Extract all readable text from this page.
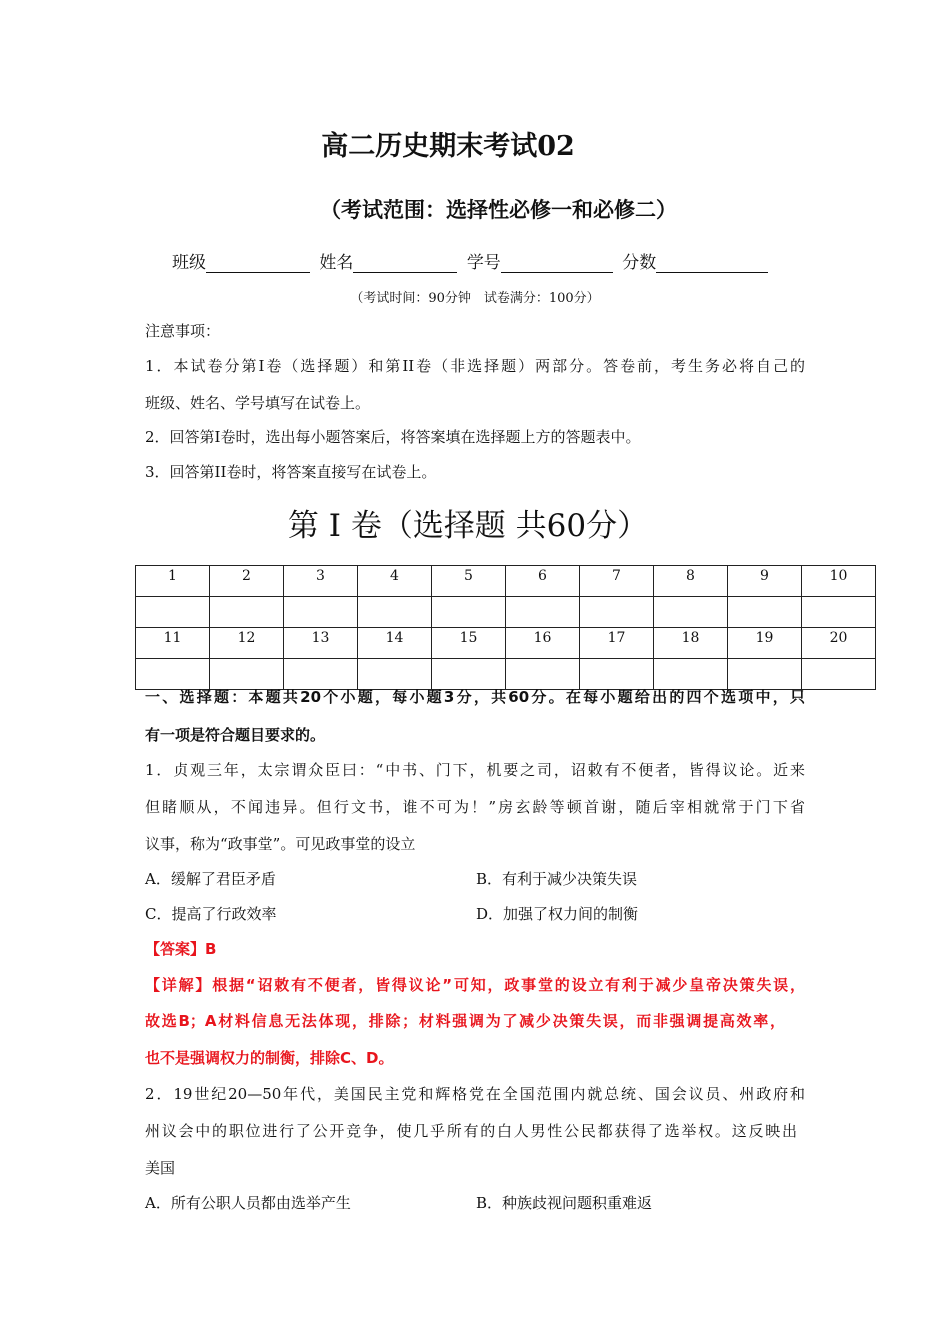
高二历史期末考试02
（考试范围：选择性必修一和必修二）
班级	姓名	学号	分数
（考试时间：90分钟　试卷满分：100分）
注意事项：
1．本试卷分第I卷（选择题）和第II卷（非选择题）两部分。答卷前，考生务必将自己的
班级、姓名、学号填写在试卷上。
2．回答第I卷时，选出每小题答案后，将答案填在选择题上方的答题表中。
3．回答第II卷时，将答案直接写在试卷上。
第 I 卷（选择题 共60分）
1	2	3	4	5	6	7	8	9	10

11	12	13	14	15	16	17	18	19	20

一、选择题：本题共20个小题，每小题3分，共60分。在每小题给出的四个选项中，只
有一项是符合题目要求的。
1．贞观三年，太宗谓众臣曰：“中书、门下，机要之司，诏敕有不便者，皆得议论。近来
但睹顺从，不闻违异。但行文书，谁不可为！”房玄龄等顿首谢，随后宰相就常于门下省
议事，称为“政事堂”。可见政事堂的设立
A．缓解了君臣矛盾	B．有利于减少决策失误
C．提高了行政效率	D．加强了权力间的制衡
【答案】B
【详解】根据“诏敕有不便者，皆得议论”可知，政事堂的设立有利于减少皇帝决策失误，
故选B；A材料信息无法体现，排除；材料强调为了减少决策失误，而非强调提高效率，
也不是强调权力的制衡，排除C、D。
2．19世纪20—50年代，美国民主党和辉格党在全国范围内就总统、国会议员、州政府和
州议会中的职位进行了公开竞争，使几乎所有的白人男性公民都获得了选举权。这反映出
美国
A．所有公职人员都由选举产生	B．种族歧视问题积重难返
